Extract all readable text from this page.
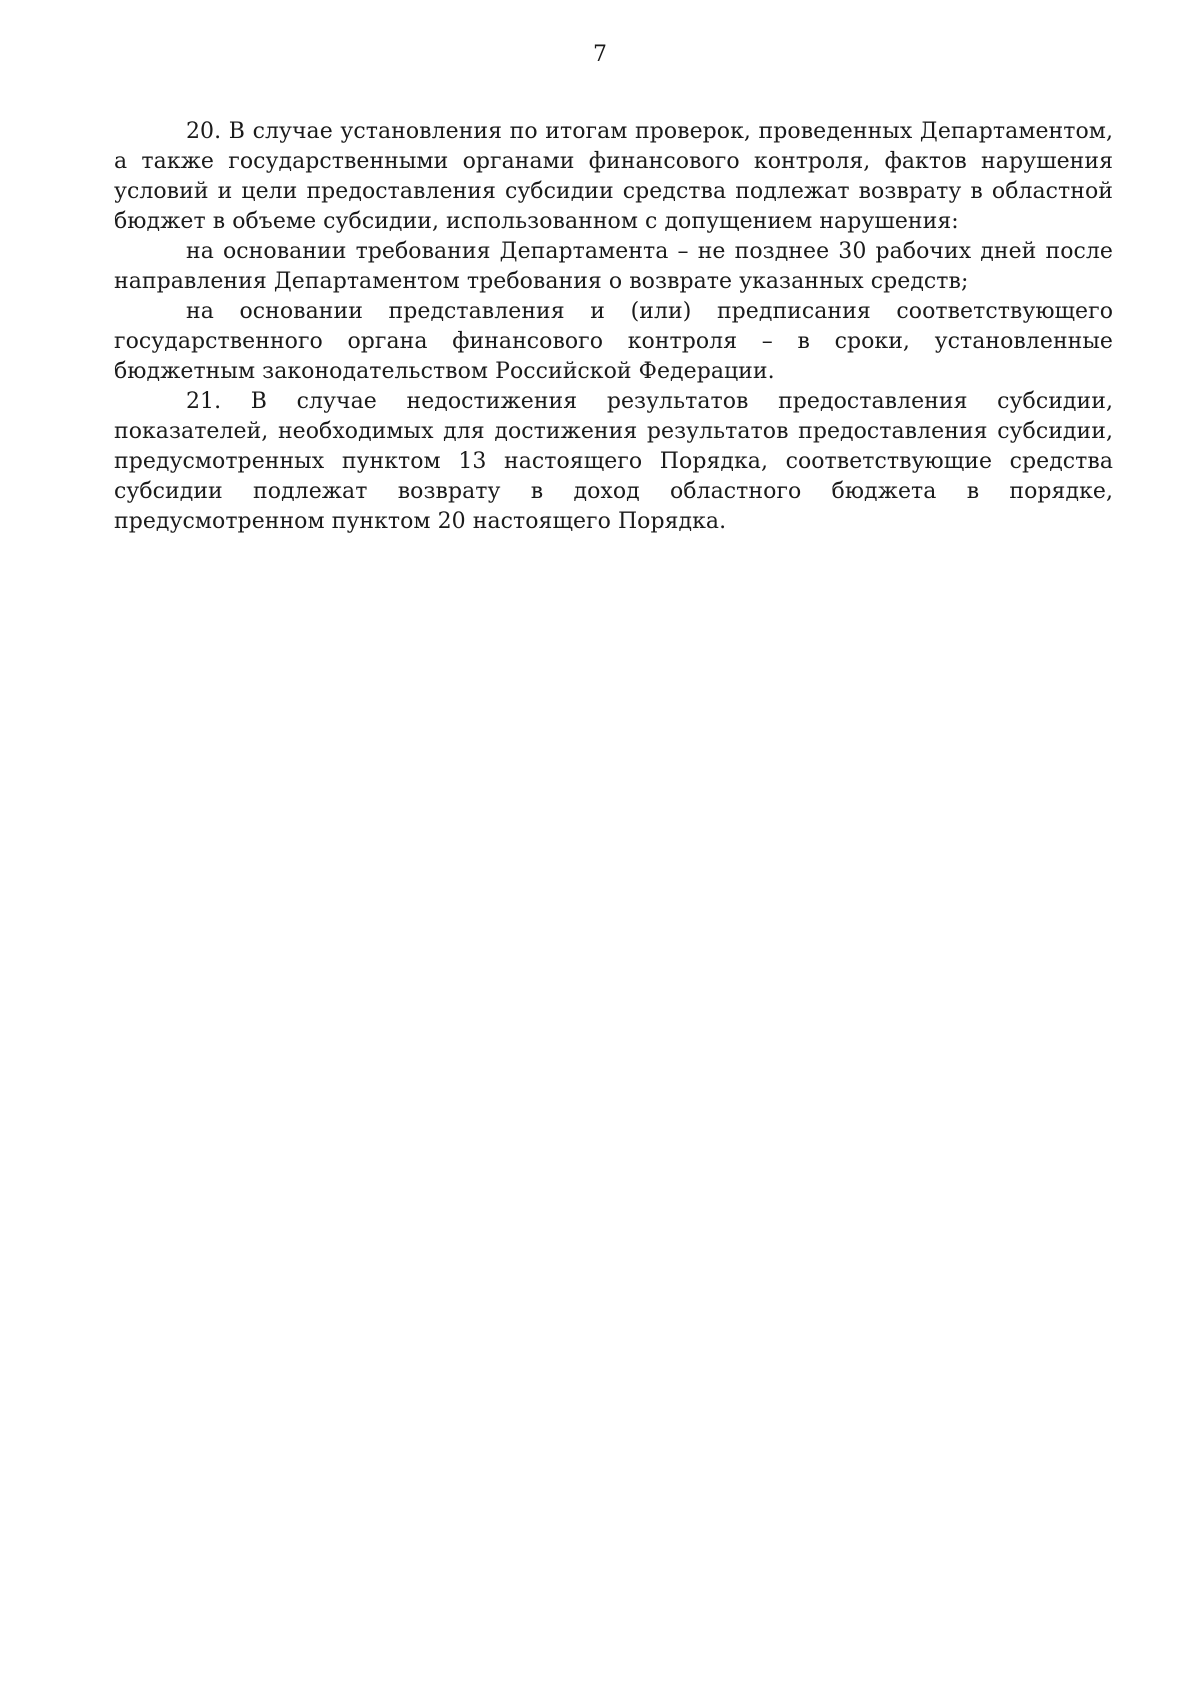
7

20. В случае установления по итогам проверок, проведенных Департаментом, а также государственными органами финансового контроля, фактов нарушения условий и цели предоставления субсидии средства подлежат возврату в областной бюджет в объеме субсидии, использованном с допущением нарушения:

на основании требования Департамента – не позднее 30 рабочих дней после направления Департаментом требования о возврате указанных средств;

на основании представления и (или) предписания соответствующего государственного органа финансового контроля – в сроки, установленные бюджетным законодательством Российской Федерации.

21. В случае недостижения результатов предоставления субсидии, показателей, необходимых для достижения результатов предоставления субсидии, предусмотренных пунктом 13 настоящего Порядка, соответствующие средства субсидии подлежат возврату в доход областного бюджета в порядке, предусмотренном пунктом 20 настоящего Порядка.
